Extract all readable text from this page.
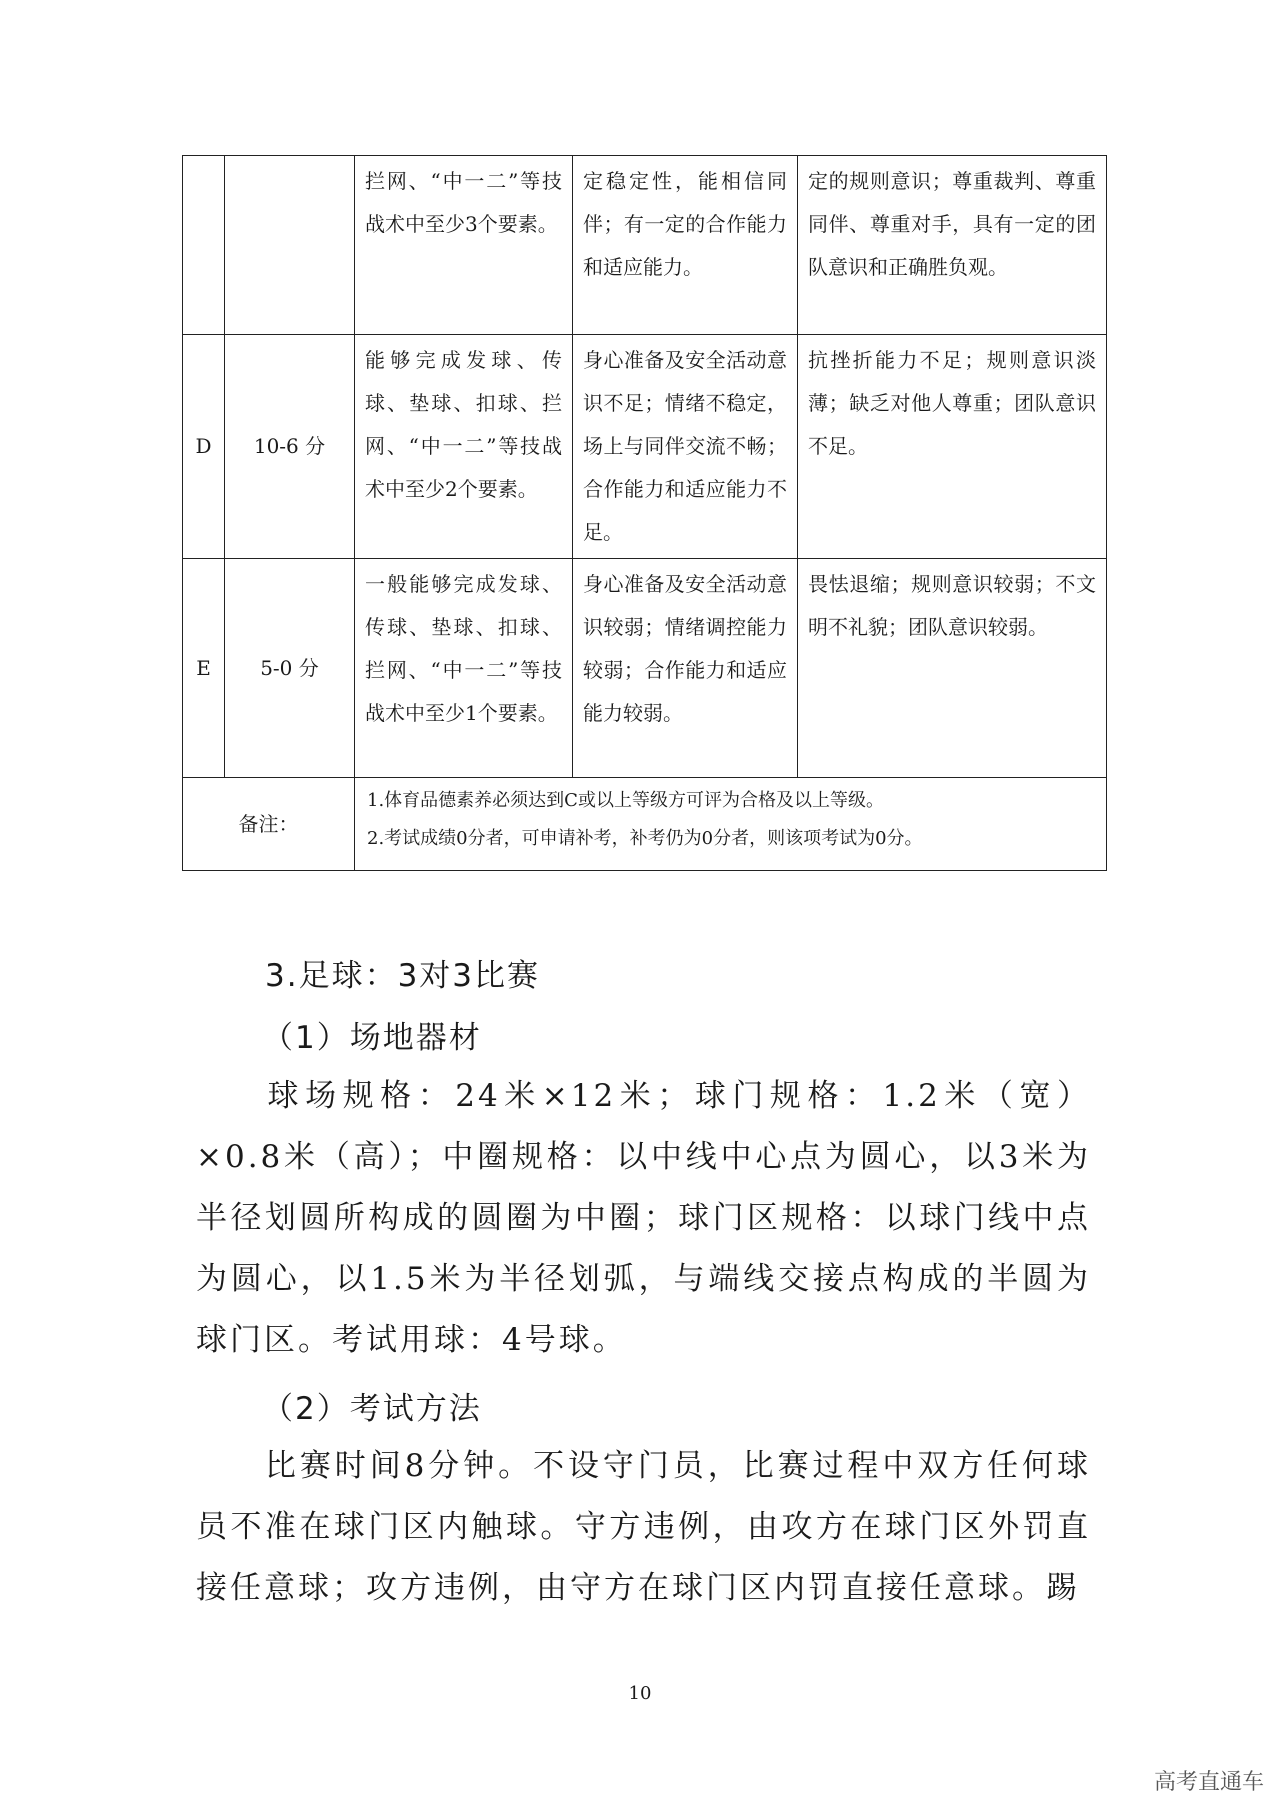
		拦网、“中一二”等技战术中至少3个要素。	定稳定性，能相信同伴；有一定的合作能力和适应能力。	定的规则意识；尊重裁判、尊重同伴、尊重对手，具有一定的团队意识和正确胜负观。

D	10-6 分	能够完成发球、传球、垫球、扣球、拦网、“中一二”等技战术中至少2个要素。	身心准备及安全活动意识不足；情绪不稳定，场上与同伴交流不畅；合作能力和适应能力不足。	抗挫折能力不足；规则意识淡薄；缺乏对他人尊重；团队意识不足。

E	5-0 分	一般能够完成发球、传球、垫球、扣球、拦网、“中一二”等技战术中至少1个要素。	身心准备及安全活动意识较弱；情绪调控能力较弱；合作能力和适应能力较弱。	畏怯退缩；规则意识较弱；不文明不礼貌；团队意识较弱。

备注：		1.体育品德素养必须达到C或以上等级方可评为合格及以上等级。
2.考试成绩0分者，可申请补考，补考仍为0分者，则该项考试为0分。		
3.足球：3对3比赛
（1）场地器材
球场规格：24米×12米；球门规格：1.2米（宽）×0.8米（高）；中圈规格：以中线中心点为圆心，以3米为半径划圆所构成的圆圈为中圈；球门区规格：以球门线中点为圆心，以1.5米为半径划弧，与端线交接点构成的半圆为球门区。考试用球：4号球。
（2）考试方法
比赛时间8分钟。不设守门员，比赛过程中双方任何球员不准在球门区内触球。守方违例，由攻方在球门区外罚直接任意球；攻方违例，由守方在球门区内罚直接任意球。踢
10
高考直通车
